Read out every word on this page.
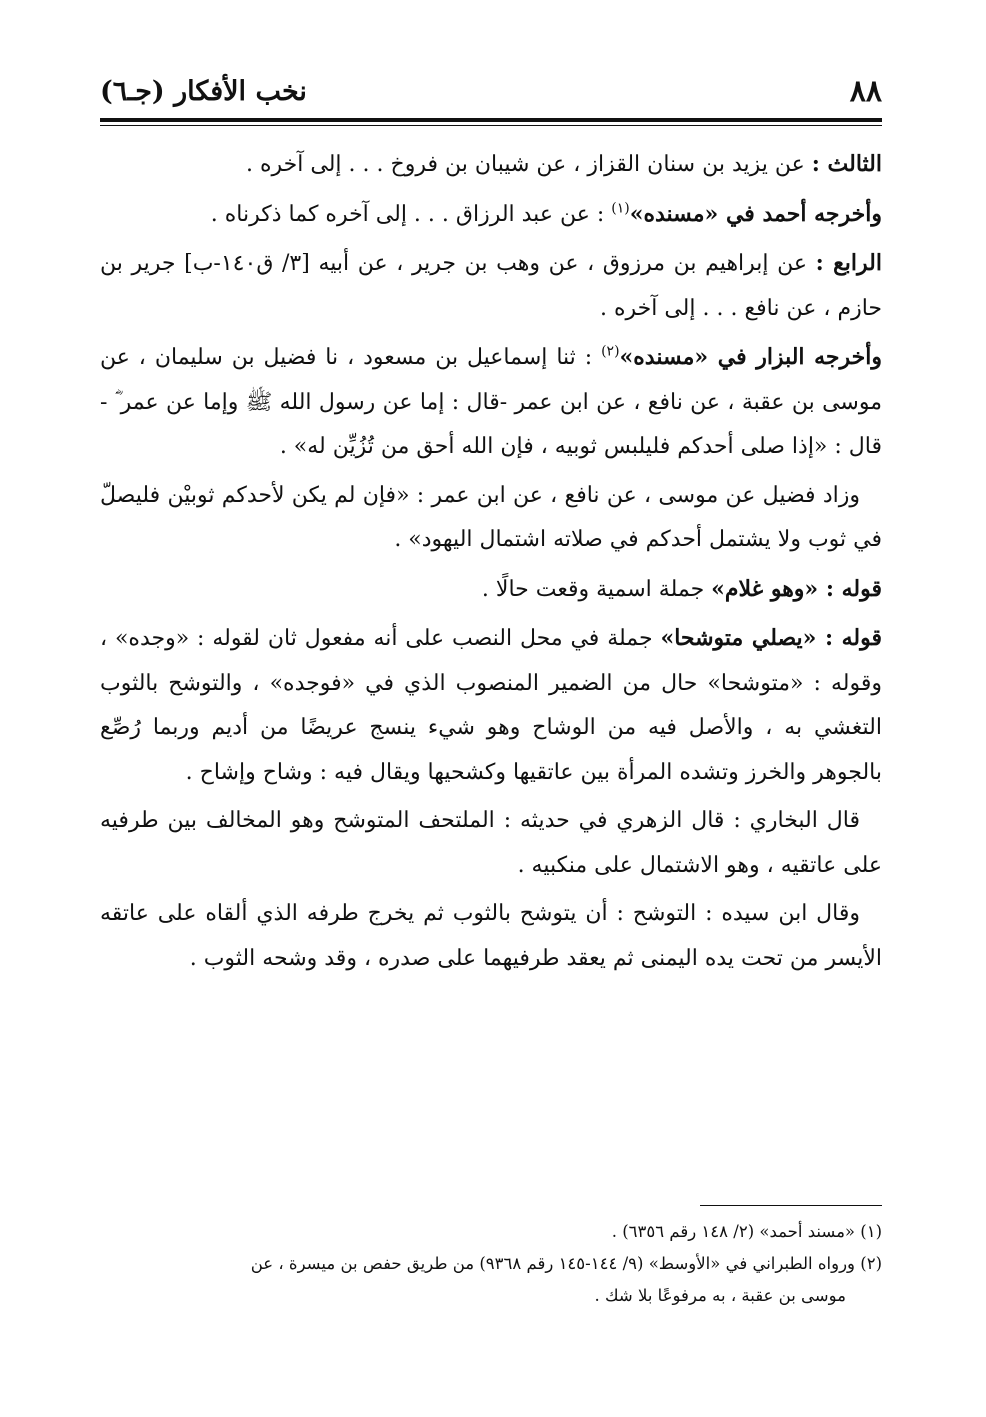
٨٨
نخب الأفكار (جـ٦)

الثالث : عن يزيد بن سنان القزاز ، عن شيبان بن فروخ . . . إلى آخره .

وأخرجه أحمد في «مسنده»$^{(١)}$ : عن عبد الرزاق . . . إلى آخره كما ذكرناه .

الرابع : عن إبراهيم بن مرزوق ، عن وهب بن جرير ، عن أبيه [٣/ ق١٤٠-ب] جرير بن حازم ، عن نافع . . . إلى آخره .

وأخرجه البزار في «مسنده»$^{(٢)}$ : ثنا إسماعيل بن مسعود ، نا فضيل بن سليمان ، عن موسى بن عقبة ، عن نافع ، عن ابن عمر -قال : إما عن رسول الله ﷺ وإما عن عمر ؓ - قال : «إذا صلى أحدكم فليلبس ثوبيه ، فإن الله أحق من تُزُيِّن له» .

وزاد فضيل عن موسى ، عن نافع ، عن ابن عمر : «فإن لم يكن لأحدكم ثوبيْن فليصلّ في ثوب ولا يشتمل أحدكم في صلاته اشتمال اليهود» .

قوله : «وهو غلام» جملة اسمية وقعت حالًا .

قوله : «يصلي متوشحا» جملة في محل النصب على أنه مفعول ثان لقوله : «وجده» ، وقوله : «متوشحا» حال من الضمير المنصوب الذي في «فوجده» ، والتوشح بالثوب التغشي به ، والأصل فيه من الوشاح وهو شيء ينسج عريضًا من أديم وربما رُصِّع بالجوهر والخرز وتشده المرأة بين عاتقيها وكشحيها ويقال فيه : وشاح وإشاح .

قال البخاري : قال الزهري في حديثه : الملتحف المتوشح وهو المخالف بين طرفيه على عاتقيه ، وهو الاشتمال على منكبيه .

وقال ابن سيده : التوشح : أن يتوشح بالثوب ثم يخرج طرفه الذي ألقاه على عاتقه الأيسر من تحت يده اليمنى ثم يعقد طرفيهما على صدره ، وقد وشحه الثوب .

(١) «مسند أحمد» (٢/ ١٤٨ رقم ٦٣٥٦) .

(٢) ورواه الطبراني في «الأوسط» (٩/ ١٤٤-١٤٥ رقم ٩٣٦٨) من طريق حفص بن ميسرة ، عن

موسى بن عقبة ، به مرفوعًا بلا شك .
